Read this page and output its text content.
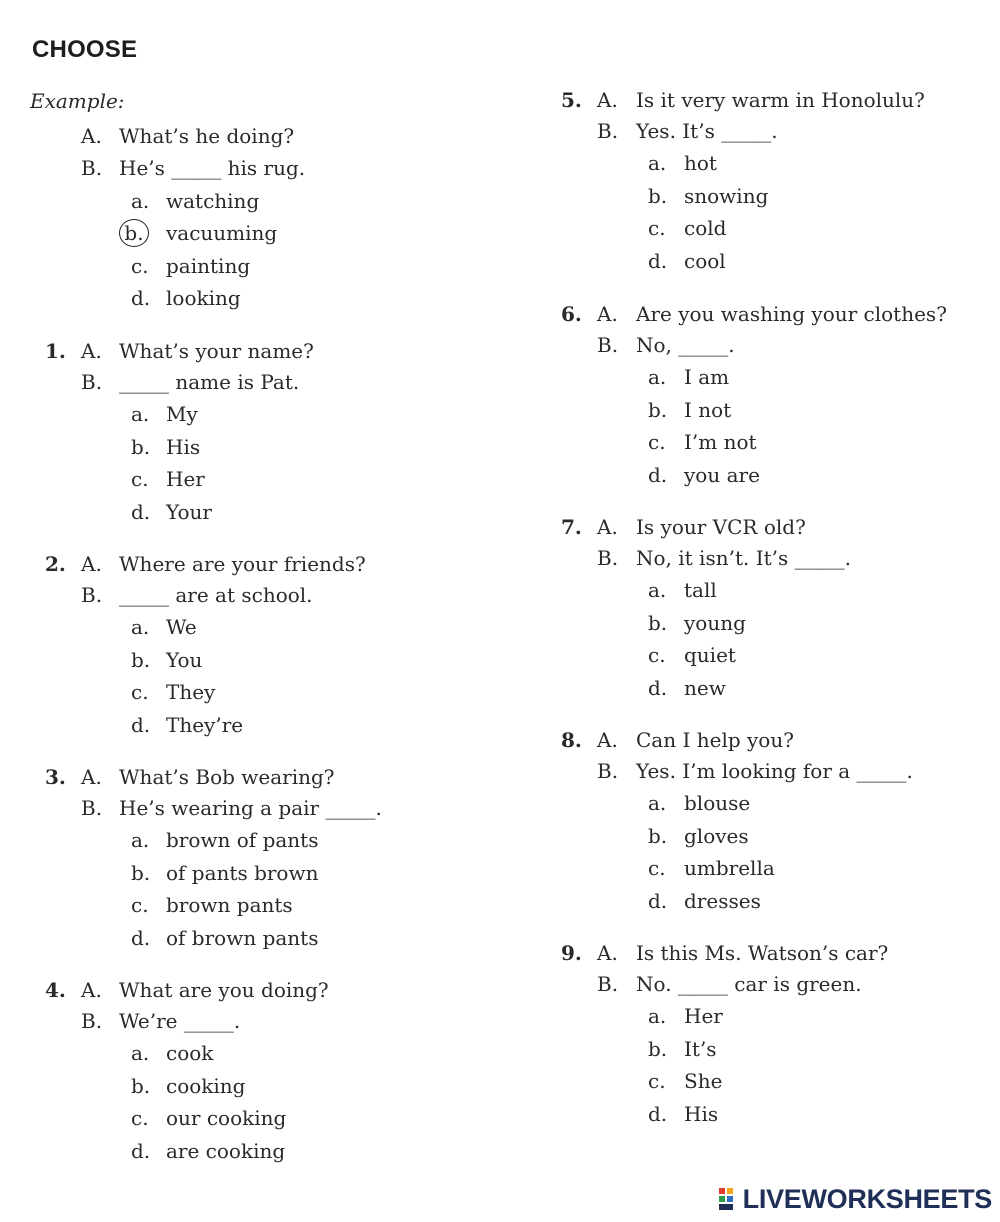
CHOOSE
Example:
A. What’s he doing?
B. He’s _____ his rug.
a. watching
b. vacuuming
c. painting
d. looking
1. A. What’s your name?
B. _____ name is Pat.
a. My
b. His
c. Her
d. Your
2. A. Where are your friends?
B. _____ are at school.
a. We
b. You
c. They
d. They’re
3. A. What’s Bob wearing?
B. He’s wearing a pair _____.
a. brown of pants
b. of pants brown
c. brown pants
d. of brown pants
4. A. What are you doing?
B. We’re _____.
a. cook
b. cooking
c. our cooking
d. are cooking
5. A. Is it very warm in Honolulu?
B. Yes. It’s _____.
a. hot
b. snowing
c. cold
d. cool
6. A. Are you washing your clothes?
B. No, _____.
a. I am
b. I not
c. I’m not
d. you are
7. A. Is your VCR old?
B. No, it isn’t. It’s _____.
a. tall
b. young
c. quiet
d. new
8. A. Can I help you?
B. Yes. I’m looking for a _____.
a. blouse
b. gloves
c. umbrella
d. dresses
9. A. Is this Ms. Watson’s car?
B. No. _____ car is green.
a. Her
b. It’s
c. She
d. His
LIVEWORKSHEETS
